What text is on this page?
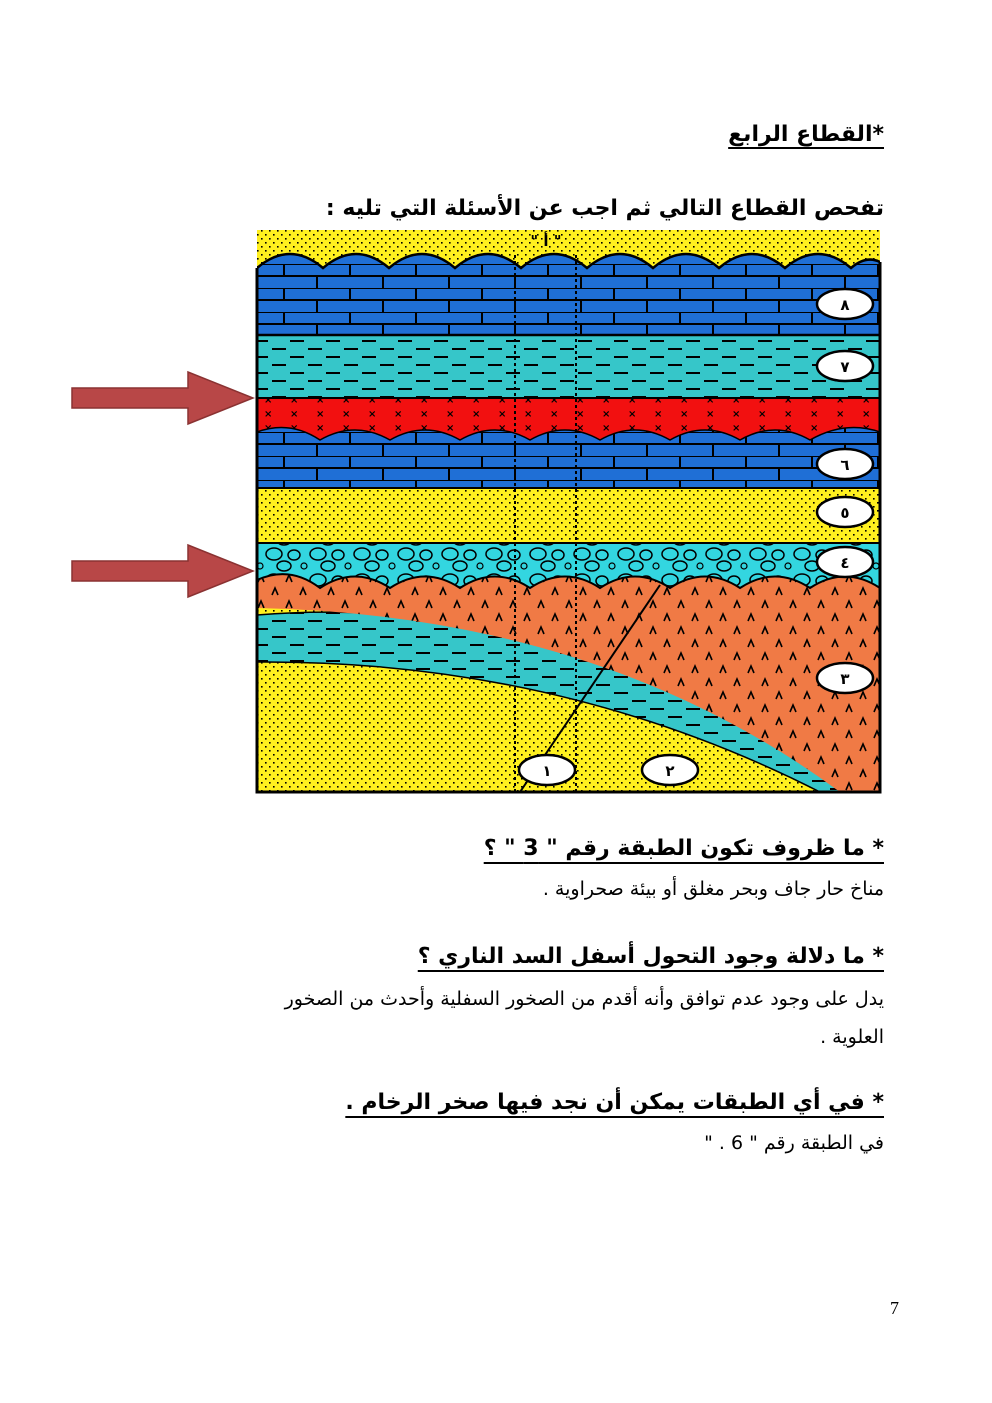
*القطاع الرابع
تفحص القطاع التالي ثم اجب عن الأسئلة التي تليه :
" أ "
١	٢
٣
٤
٥
٦
٧
٨
* ما ظروف تكون الطبقة رقم " 3 " ؟
مناخ حار جاف وبحر مغلق أو بيئة صحراوية .
* ما دلالة وجود التحول أسفل السد الناري ؟
يدل على وجود عدم توافق وأنه أقدم من الصخور السفلية وأحدث من الصخور
العلوية .
* في أي الطبقات يمكن أن نجد فيها صخر الرخام .
في الطبقة رقم " 6 . "
7
